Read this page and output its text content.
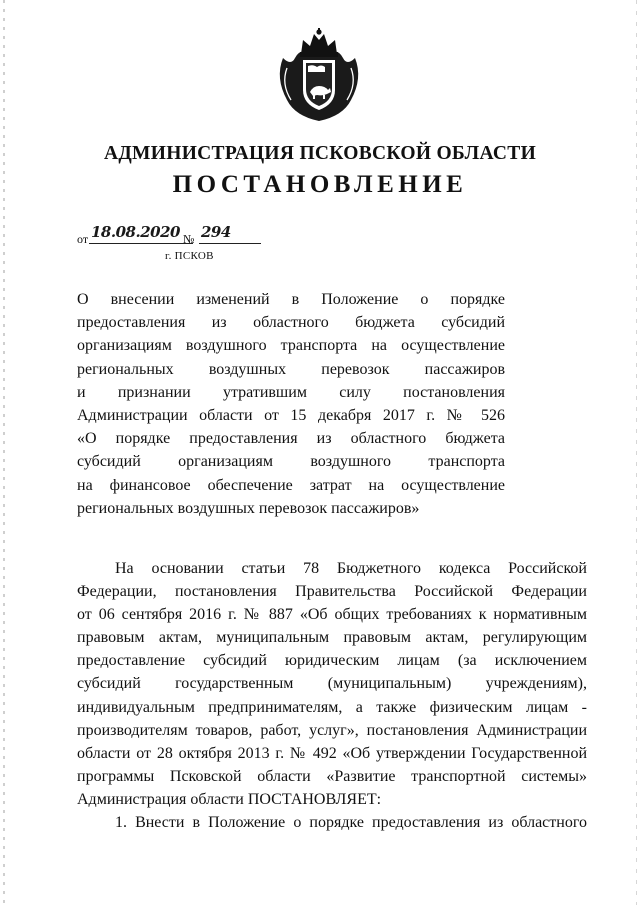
АДМИНИСТРАЦИЯ ПСКОВСКОЙ ОБЛАСТИ
ПОСТАНОВЛЕНИЕ
от 18.08.2020 № 294
г. ПСКОВ
О внесении изменений в Положение о порядке
предоставления из областного бюджета субсидий
организациям воздушного транспорта на осуществление
региональных воздушных перевозок пассажиров
и признании утратившим силу постановления
Администрации области от 15 декабря 2017 г. № 526
«О порядке предоставления из областного бюджета
субсидий организациям воздушного транспорта
на финансовое обеспечение затрат на осуществление
региональных воздушных перевозок пассажиров»
На основании статьи 78 Бюджетного кодекса Российской
Федерации, постановления Правительства Российской Федерации
от 06 сентября 2016 г. № 887 «Об общих требованиях к нормативным
правовым актам, муниципальным правовым актам, регулирующим
предоставление субсидий юридическим лицам (за исключением
субсидий государственным (муниципальным) учреждениям),
индивидуальным предпринимателям, а также физическим лицам -
производителям товаров, работ, услуг», постановления Администрации
области от 28 октября 2013 г. № 492 «Об утверждении Государственной
программы Псковской области «Развитие транспортной системы»
Администрация области ПОСТАНОВЛЯЕТ:
1. Внести в Положение о порядке предоставления из областного
